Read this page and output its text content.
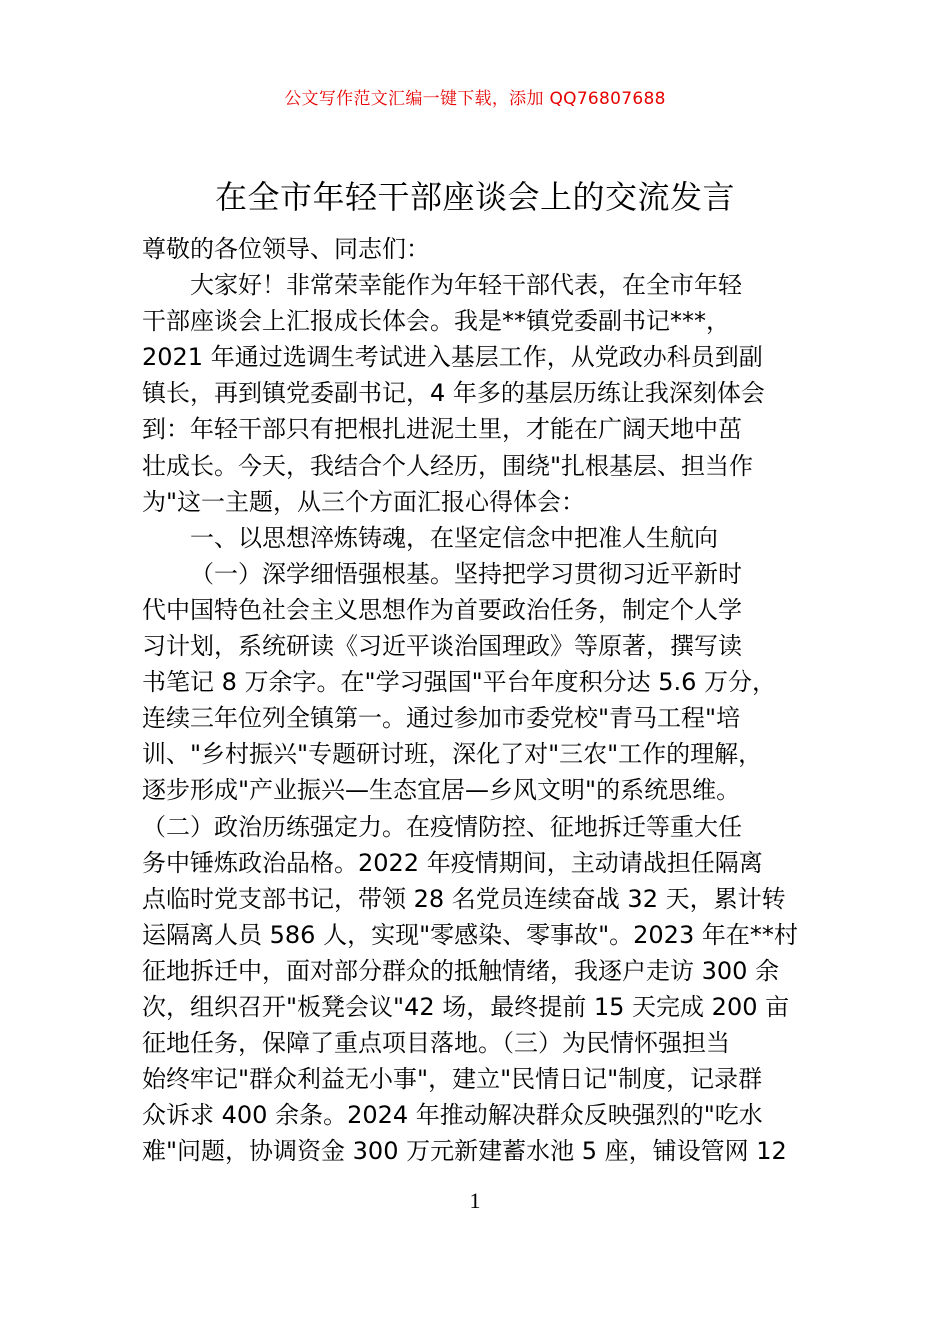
公文写作范文汇编一键下载，添加 QQ76807688
在全市年轻干部座谈会上的交流发言
尊敬的各位领导、同志们：
大家好！非常荣幸能作为年轻干部代表，在全市年轻
干部座谈会上汇报成长体会。我是**镇党委副书记***，
2021 年通过选调生考试进入基层工作，从党政办科员到副
镇长，再到镇党委副书记，4 年多的基层历练让我深刻体会
到：年轻干部只有把根扎进泥土里，才能在广阔天地中茁
壮成长。今天，我结合个人经历，围绕"扎根基层、担当作
为"这一主题，从三个方面汇报心得体会：
一、以思想淬炼铸魂，在坚定信念中把准人生航向
（一）深学细悟强根基。坚持把学习贯彻习近平新时
代中国特色社会主义思想作为首要政治任务，制定个人学
习计划，系统研读《习近平谈治国理政》等原著，撰写读
书笔记 8 万余字。在"学习强国"平台年度积分达 5.6 万分，
连续三年位列全镇第一。通过参加市委党校"青马工程"培
训、"乡村振兴"专题研讨班，深化了对"三农"工作的理解，
逐步形成"产业振兴—生态宜居—乡风文明"的系统思维。
（二）政治历练强定力。在疫情防控、征地拆迁等重大任
务中锤炼政治品格。2022 年疫情期间，主动请战担任隔离
点临时党支部书记，带领 28 名党员连续奋战 32 天，累计转
运隔离人员 586 人，实现"零感染、零事故"。2023 年在**村
征地拆迁中，面对部分群众的抵触情绪，我逐户走访 300 余
次，组织召开"板凳会议"42 场，最终提前 15 天完成 200 亩
征地任务，保障了重点项目落地。（三）为民情怀强担当
始终牢记"群众利益无小事"，建立"民情日记"制度，记录群
众诉求 400 余条。2024 年推动解决群众反映强烈的"吃水
难"问题，协调资金 300 万元新建蓄水池 5 座，铺设管网 12
1
